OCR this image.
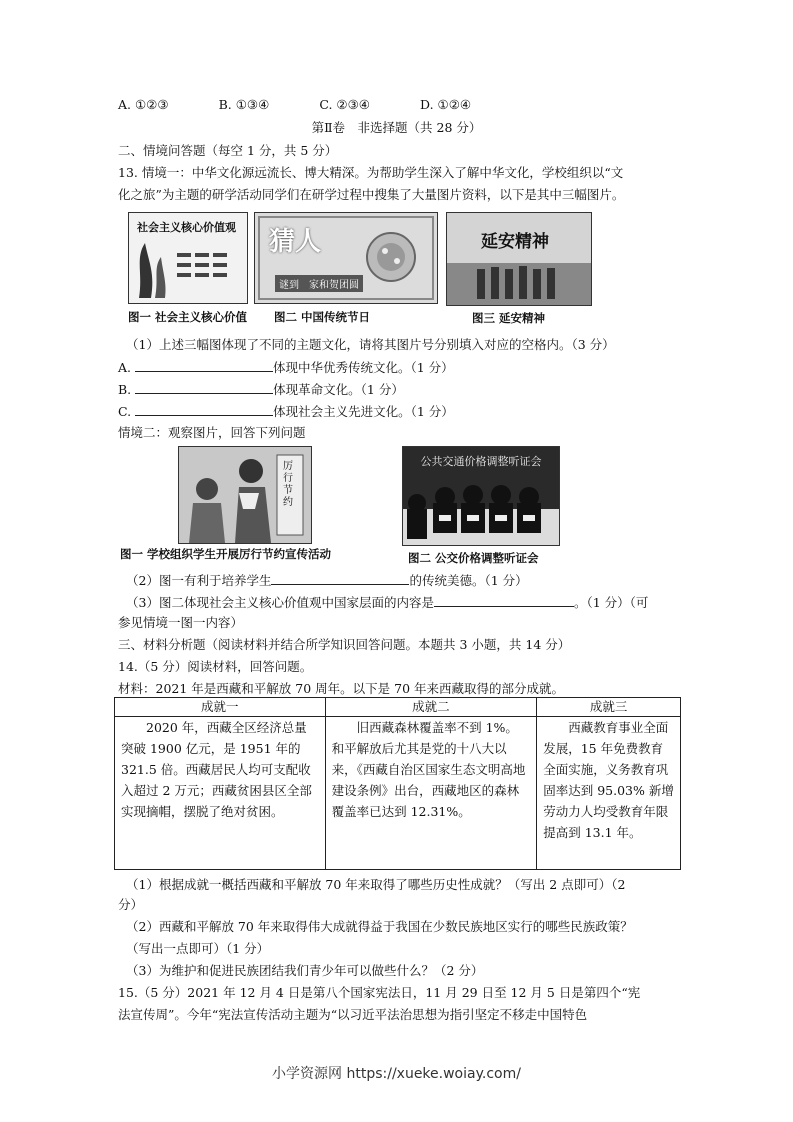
A. ①②③	B. ①③④	C. ②③④	D. ①②④
第Ⅱ卷　非选择题（共 28 分）
二、情境问答题（每空 1 分，共 5 分）
13. 情境一：中华文化源远流长、博大精深。为帮助学生深入了解中华文化，学校组织以“文
化之旅”为主题的研学活动同学们在研学过程中搜集了大量图片资料，以下是其中三幅图片。
社会主义核心价值观 猜人
谜到　家和贺团圆
延安精神
图一 社会主义核心价值 图二 中国传统节日	图三 延安精神
（1）上述三幅图体现了不同的主题文化，请将其图片号分别填入对应的空格内。（3 分）
A.	体现中华优秀传统文化。（1 分）
B.	体现革命文化。（1 分）
C.	体现社会主义先进文化。（1 分）
情境二：观察图片，回答下列问题
厉行节约
公共交通价格调整听证会
图一 学校组织学生开展厉行节约宣传活动	图二 公交价格调整听证会
（2）图一有利于培养学生	的传统美德。（1 分）
（3）图二体现社会主义核心价值观中国家层面的内容是	。（1 分）（可
参见情境一图一内容）
三、材料分析题（阅读材料并结合所学知识回答问题。本题共 3 小题，共 14 分）
14.（5 分）阅读材料，回答问题。
材料：2021 年是西藏和平解放 70 周年。以下是 70 年来西藏取得的部分成就。
成就一	成就二	成就三
2020 年，西藏全区经济总量突破 1900 亿元，是 1951 年的 321.5 倍。西藏居民人均可支配收入超过 2 万元；西藏贫困县区全部实现摘帽，摆脱了绝对贫困。	旧西藏森林覆盖率不到 1%。和平解放后尤其是党的十八大以来，《西藏自治区国家生态文明高地建设条例》出台，西藏地区的森林覆盖率已达到 12.31%。	西藏教育事业全面发展，15 年免费教育全面实施，义务教育巩固率达到 95.03% 新增劳动力人均受教育年限提高到 13.1 年。
（1）根据成就一概括西藏和平解放 70 年来取得了哪些历史性成就？（写出 2 点即可）（2
分）
（2）西藏和平解放 70 年来取得伟大成就得益于我国在少数民族地区实行的哪些民族政策？
（写出一点即可）（1 分）
（3）为维护和促进民族团结我们青少年可以做些什么？（2 分）
15.（5 分）2021 年 12 月 4 日是第八个国家宪法日，11 月 29 日至 12 月 5 日是第四个“宪
法宣传周”。今年“宪法宣传活动主题为“以习近平法治思想为指引坚定不移走中国特色
小学资源网 https://xueke.woiay.com/
